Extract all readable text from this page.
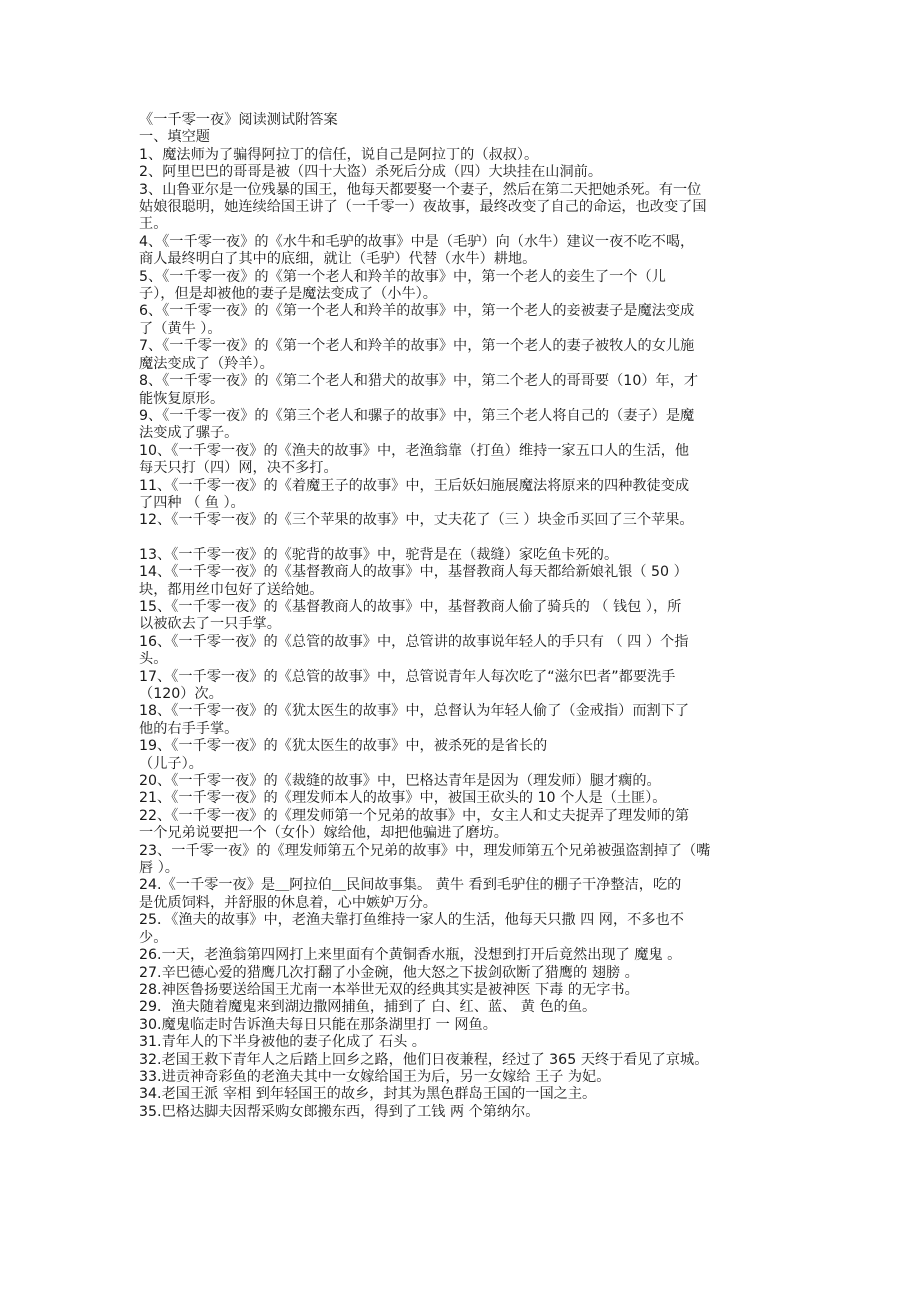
《一千零一夜》阅读测试附答案
一、填空题
1、魔法师为了骗得阿拉丁的信任，说自己是阿拉丁的（叔叔）。
2、阿里巴巴的哥哥是被（四十大盗）杀死后分成（四）大块挂在山洞前。
3、山鲁亚尔是一位残暴的国王，他每天都要娶一个妻子，然后在第二天把她杀死。有一位
姑娘很聪明，她连续给国王讲了（一千零一）夜故事，最终改变了自己的命运，也改变了国
王。
4、《一千零一夜》的《水牛和毛驴的故事》中是（毛驴）向（水牛）建议一夜不吃不喝，
商人最终明白了其中的底细，就让（毛驴）代替（水牛）耕地。
5、《一千零一夜》的《第一个老人和羚羊的故事》中，第一个老人的妾生了一个（儿
子），但是却被他的妻子是魔法变成了（小牛）。
6、《一千零一夜》的《第一个老人和羚羊的故事》中，第一个老人的妾被妻子是魔法变成
了（黄牛 ）。
7、《一千零一夜》的《第一个老人和羚羊的故事》中，第一个老人的妻子被牧人的女儿施
魔法变成了（羚羊）。
8、《一千零一夜》的《第二个老人和猎犬的故事》中，第二个老人的哥哥要（10）年，才
能恢复原形。
9、《一千零一夜》的《第三个老人和骡子的故事》中，第三个老人将自己的（妻子）是魔
法变成了骡子。
10、《一千零一夜》的《渔夫的故事》中，老渔翁靠（打鱼）维持一家五口人的生活，他
每天只打（四）网，决不多打。
11、《一千零一夜》的《着魔王子的故事》中，王后妖妇施展魔法将原来的四种教徒变成
了四种 （ 鱼 ）。
12、《一千零一夜》的《三个苹果的故事》中，丈夫花了（三 ）块金币买回了三个苹果。
13、《一千零一夜》的《驼背的故事》中，驼背是在（裁缝）家吃鱼卡死的。
14、《一千零一夜》的《基督教商人的故事》中，基督教商人每天都给新娘礼银（ 50 ）
块，都用丝巾包好了送给她。
15、《一千零一夜》的《基督教商人的故事》中，基督教商人偷了骑兵的 （ 钱包 ），所
以被砍去了一只手掌。
16、《一千零一夜》的《总管的故事》中，总管讲的故事说年轻人的手只有 （ 四 ）个指
头。
17、《一千零一夜》的《总管的故事》中，总管说青年人每次吃了“滋尔巴者”都要洗手
（120）次。
18、《一千零一夜》的《犹太医生的故事》中，总督认为年轻人偷了（金戒指）而割下了
他的右手手掌。
19、《一千零一夜》的《犹太医生的故事》中，被杀死的是省长的
（儿子）。
20、《一千零一夜》的《裁缝的故事》中，巴格达青年是因为（理发师）腿才瘸的。
21、《一千零一夜》的《理发师本人的故事》中，被国王砍头的 10 个人是（土匪）。
22、《一千零一夜》的《理发师第一个兄弟的故事》中，女主人和丈夫捉弄了理发师的第
一个兄弟说要把一个（女仆）嫁给他，却把他骗进了磨坊。
23、一千零一夜》的《理发师第五个兄弟的故事》中，理发师第五个兄弟被强盗割掉了（嘴
唇 ）。
24.《一千零一夜》是＿阿拉伯＿民间故事集。 黄牛 看到毛驴住的棚子干净整洁，吃的
是优质饲料，并舒服的休息着，心中嫉妒万分。
25．《渔夫的故事》中，老渔夫靠打鱼维持一家人的生活，他每天只撒 四 网，不多也不
少。
26.一天，老渔翁第四网打上来里面有个黄铜香水瓶，没想到打开后竟然出现了 魔鬼 。
27.辛巴德心爱的猎鹰几次打翻了小金碗，他大怒之下拔剑砍断了猎鹰的 翅膀 。
28.神医鲁扬要送给国王尤南一本举世无双的经典其实是被神医 下毒 的无字书。
29．渔夫随着魔鬼来到湖边撒网捕鱼，捕到了 白、红、蓝、 黄 色的鱼。
30.魔鬼临走时告诉渔夫每日只能在那条湖里打 一 网鱼。
31.青年人的下半身被他的妻子化成了 石头 。
32.老国王救下青年人之后踏上回乡之路，他们日夜兼程，经过了 365 天终于看见了京城。
33.进贡神奇彩鱼的老渔夫其中一女嫁给国王为后，另一女嫁给 王子 为妃。
34.老国王派 宰相 到年轻国王的故乡，封其为黑色群岛王国的一国之主。
35.巴格达脚夫因帮采购女郎搬东西，得到了工钱 两 个第纳尔。
